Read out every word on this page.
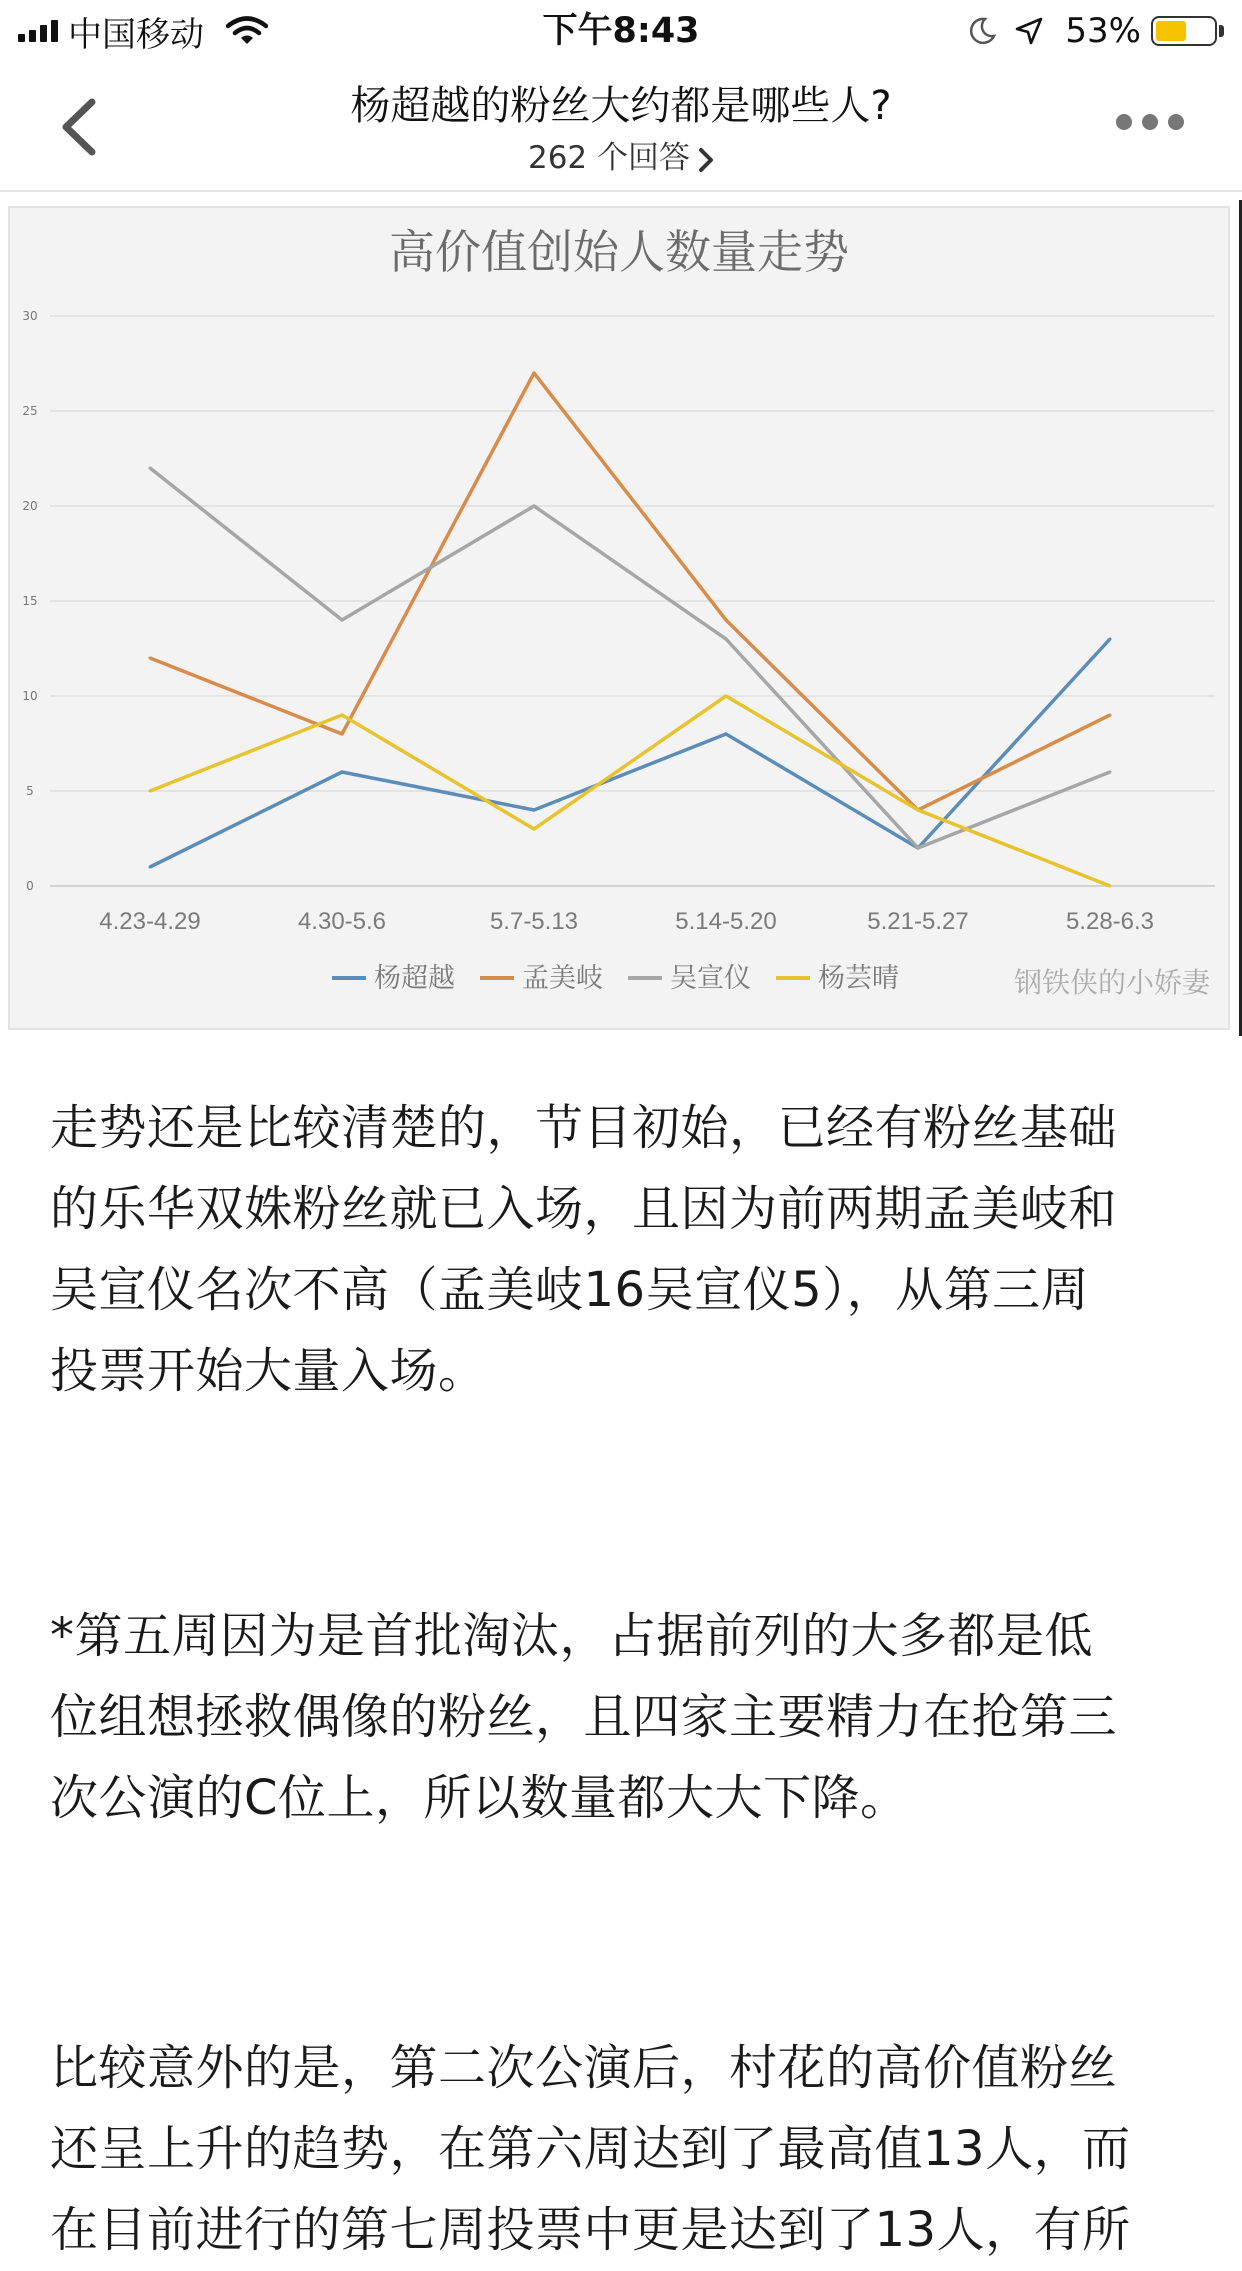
中国移动	下午8:43	53%
杨超越的粉丝大约都是哪些人?
262 个回答
高价值创始人数量走势
0
5
10
15
20
25
30
4.23-4.29	4.30-5.6	5.7-5.13	5.14-5.20	5.21-5.27	5.28-6.3
杨超越 孟美岐 吴宣仪 杨芸晴	钢铁侠的小娇妻
走势还是比较清楚的，节目初始，已经有粉丝基础
的乐华双姝粉丝就已入场，且因为前两期孟美岐和
吴宣仪名次不高（孟美岐16吴宣仪5），从第三周
投票开始大量入场。
*第五周因为是首批淘汰，占据前列的大多都是低
位组想拯救偶像的粉丝，且四家主要精力在抢第三
次公演的C位上，所以数量都大大下降。
比较意外的是，第二次公演后，村花的高价值粉丝
还呈上升的趋势，在第六周达到了最高值13人，而
在目前进行的第七周投票中更是达到了13人，有所
